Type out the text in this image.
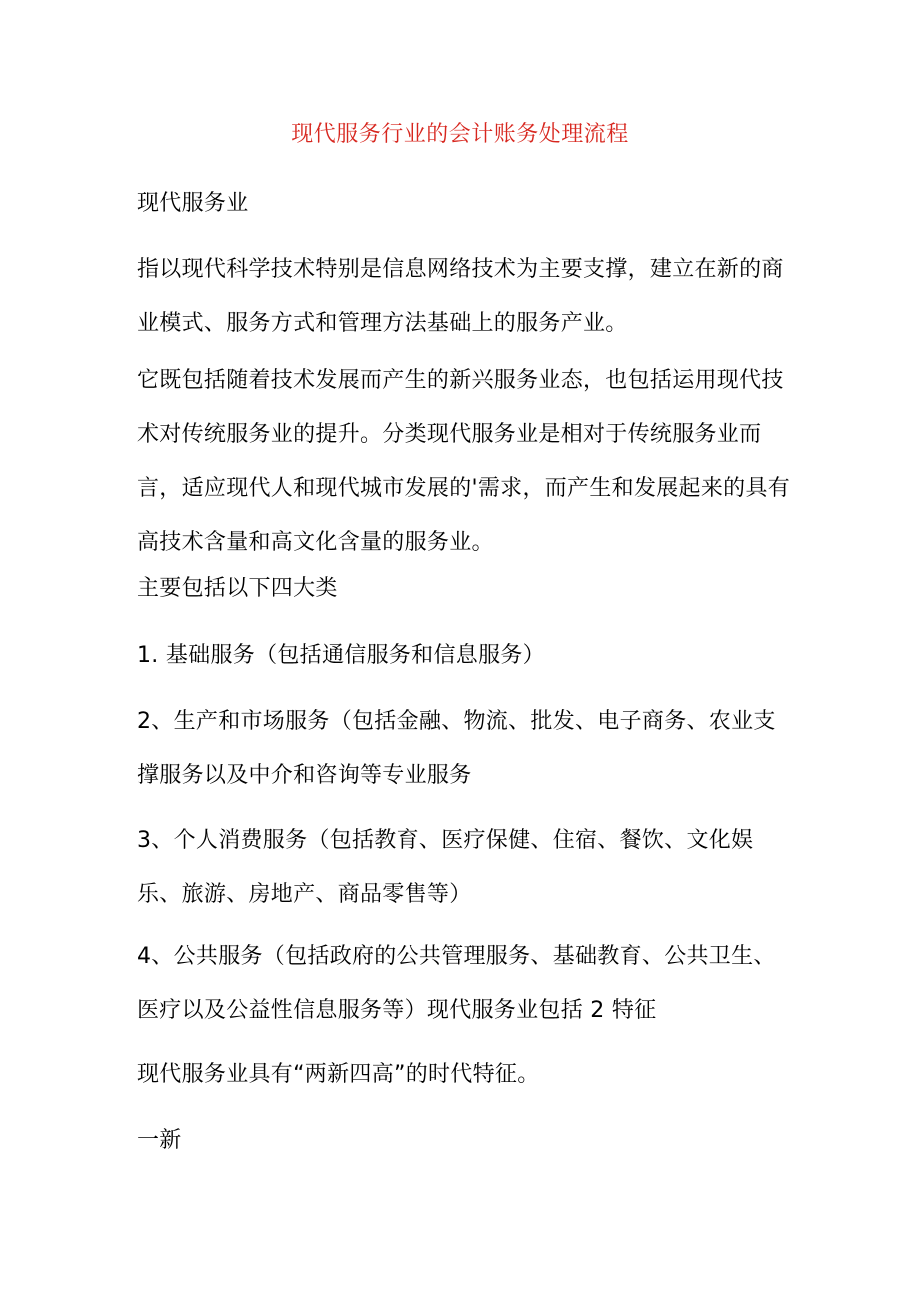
现代服务行业的会计账务处理流程
现代服务业
指以现代科学技术特别是信息网络技术为主要支撑，建立在新的商业模式、服务方式和管理方法基础上的服务产业。
它既包括随着技术发展而产生的新兴服务业态，也包括运用现代技术对传统服务业的提升。分类现代服务业是相对于传统服务业而言，适应现代人和现代城市发展的'需求，而产生和发展起来的具有高技术含量和高文化含量的服务业。
主要包括以下四大类
1. 基础服务（包括通信服务和信息服务）
2、生产和市场服务（包括金融、物流、批发、电子商务、农业支撑服务以及中介和咨询等专业服务
3、个人消费服务（包括教育、医疗保健、住宿、餐饮、文化娱乐、旅游、房地产、商品零售等）
4、公共服务（包括政府的公共管理服务、基础教育、公共卫生、医疗以及公益性信息服务等）现代服务业包括 2 特征
现代服务业具有“两新四高”的时代特征。
一新
